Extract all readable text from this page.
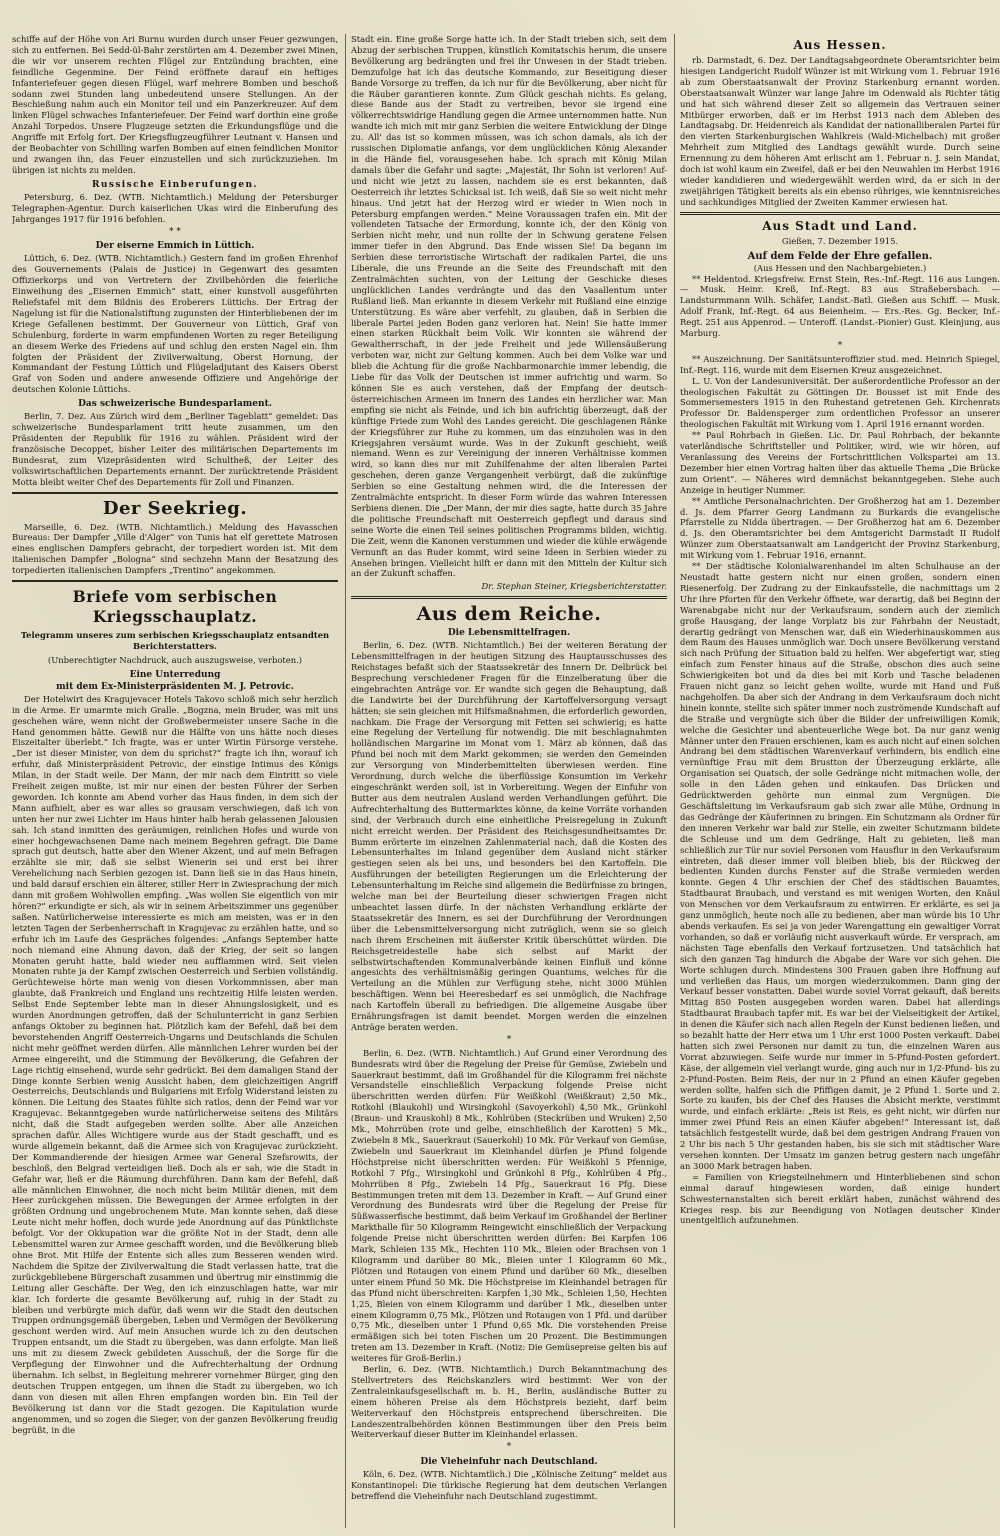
schiffe auf der Höhe von Ari Burnu wurden durch unser Feuer gezwungen, sich zu entfernen. Bei Sedd-ül-Bahr zerstörten am 4. Dezember zwei Minen, die wir vor unserem rechten Flügel zur Entzündung brachten, eine feindliche Gegenmine. Der Feind eröffnete darauf ein heftiges Infanteriefeuer gegen diesen Flügel, warf mehrere Bomben und beschoß sodann zwei Stunden lang unbedeutend unsere Stellungen. An der Beschießung nahm auch ein Monitor teil und ein Panzerkreuzer. Auf dem linken Flügel schwaches Infanteriefeuer. Der Feind warf dorthin eine große Anzahl Torpedos. Unsere Flugzeuge setzten die Erkundungsflüge und die Angriffe mit Erfolg fort. Der Kriegsflugzeugführer Leutnant v. Hansen und der Beobachter von Schilling warfen Bomben auf einen feindlichen Monitor und zwangen ihn, das Feuer einzustellen und sich zurückzuziehen. Im übrigen ist nichts zu melden.

Russische Einberufungen.

Petersburg, 6. Dez. (WTB. Nichtamtlich.) Meldung der Petersburger Telegraphen-Agentur. Durch kaiserlichen Ukas wird die Einberufung des Jahrganges 1917 für 1916 befohlen.

* *
Der eiserne Emmich in Lüttich.

Lüttich, 6. Dez. (WTB. Nichtamtlich.) Gestern fand im großen Ehrenhof des Gouvernements (Palais de Justice) in Gegenwart des gesamten Offizierkorps und von Vertretern der Zivilbehörden die feierliche Einweihung des „Eisernen Emmich“ statt, einer kunstvoll ausgeführten Reliefstafel mit dem Bildnis des Eroberers Lüttichs. Der Ertrag der Nagelung ist für die Nationalstiftung zugunsten der Hinterbliebenen der im Kriege Gefallenen bestimmt. Der Gouverneur von Lüttich, Graf von Schulenburg, forderte in warm empfundenen Worten zu reger Beteiligung an diesem Werke des Friedens auf und schlug den ersten Nagel ein. Ihm folgten der Präsident der Zivilverwaltung, Oberst Hornung, der Kommandant der Festung Lüttich und Flügeladjutant des Kaisers Oberst Graf von Soden und andere anwesende Offiziere und Angehörige der deutschen Kolonie Lüttichs.

Das schweizerische Bundesparlament.

Berlin, 7. Dez. Aus Zürich wird dem „Berliner Tageblatt“ gemeldet: Das schweizerische Bundesparlament tritt heute zusammen, um den Präsidenten der Republik für 1916 zu wählen. Präsident wird der französische Decoppet, bisher Leiter des militärischen Departements im Bundesrat, zum Vizepräsidenten wird Schultheß, der Leiter des volkswirtschaftlichen Departements ernannt. Der zurücktretende Präsident Motta bleibt weiter Chef des Departements für Zoll und Finanzen.

Der Seekrieg.

Marseille, 6. Dez. (WTB. Nichtamtlich.) Meldung des Havasschen Bureaus: Der Dampfer „Ville d'Alger“ von Tunis hat elf gerettete Matrosen eines englischen Dampfers gebracht, der torpediert worden ist. Mit dem italienischen Dampfer „Bologna“ sind sechzehn Mann der Besatzung des torpedierten italienischen Dampfers „Trentino“ angekommen.

Briefe vom serbischen Kriegsschauplatz.

Telegramm unseres zum serbischen Kriegsschauplatz entsandten Berichterstatters.

(Unberechtigter Nachdruck, auch auszugsweise, verboten.)

Eine Unterredung
mit dem Ex-Ministerpräsidenten M. J. Petrovic.

Der Hotelwirt des Kragujevacer Hotels Takovo schloß mich sehr herzlich in die Arme. Er umarmte mich Gralle. „Bogzna, mein Bruder, was mit uns geschehen wäre, wenn nicht der Großwebermeister unsere Sache in die Hand genommen hätte. Gewiß nur die Hälfte von uns hätte noch dieses Eiszeitalter überlebt.“ Ich fragte, was er unter Wirtin Fürsorge verstehe. „Der ist dieser Minister, von dem du sprichst?“ fragte ich ihn, worauf ich erfuhr, daß Ministerpräsident Petrovic, der einstige Intimus des Königs Milan, in der Stadt weile. Der Mann, der mir nach dem Eintritt so viele Freiheit zeigen mußte, ist mir nur einen der besten Führer der Serben geworden. Ich konnte am Abend vorher das Haus finden, in dem sich der Mann aufhielt, aber es war alles so grausam verschwiegen, daß ich von unten her nur zwei Lichter im Haus hinter halb herab gelassenen Jalousien sah. Ich stand inmitten des geräumigen, reinlichen Hofes und wurde von einer hochgewachsenen Dame nach meinem Begehren gefragt. Die Dame sprach gut deutsch, hatte aber den Wiener Akzent, und auf mein Befragen erzählte sie mir, daß sie selbst Wienerin sei und erst bei ihrer Verehelichung nach Serbien gezogen ist. Dann ließ sie in das Haus hinein, und bald darauf erschien ein älterer, stiller Herr in Zwiesprachung der mich dann mit großem Wohlwollen empfing. „Was wollen Sie eigentlich von mir hören?“ erkundigte er sich, als wir in seinem Arbeitszimmer uns gegenüber saßen. Natürlicherweise interessierte es mich am meisten, was er in den letzten Tagen der Serbenherrschaft in Kragujevac zu erzählen hatte, und so erfuhr ich im Laufe des Gespräches folgendes: „Anfangs September hatte noch niemand eine Ahnung davon, daß der Krieg, der seit so langen Monaten geruht hatte, bald wieder neu aufflammen wird. Seit vielen Monaten ruhte ja der Kampf zwischen Oesterreich und Serbien vollständig. Gerüchteweise hörte man wenig von diesen Vorkommnissen, aber man glaubte, daß Frankreich und England uns rechtzeitig Hilfe leisten werden. Selbst Ende September lebte man in dieser Ahnungslosigkeit, und es wurden Anordnungen getroffen, daß der Schulunterricht in ganz Serbien anfangs Oktober zu beginnen hat. Plötzlich kam der Befehl, daß bei dem bevorstehenden Angriff Oesterreich-Ungarns und Deutschlands die Schulen nicht mehr geöffnet werden dürfen. Alle männlichen Lehrer wurden bei der Armee eingereiht, und die Stimmung der Bevölkerung, die Gefahren der Lage richtig einsehend, wurde sehr gedrückt. Bei dem damaligen Stand der Dinge konnte Serbien wenig Aussicht haben, dem gleichzeitigen Angriff Oesterreichs, Deutschlands und Bulgariens mit Erfolg Widerstand leisten zu können. Die Leitung des Staates fühlte sich ratlos, denn der Feind war vor Kragujevac. Bekanntgegeben wurde natürlicherweise seitens des Militärs nicht, daß die Stadt aufgegeben werden sollte. Aber alle Anzeichen sprachen dafür. Alles Wichtigere wurde aus der Stadt geschafft, und es wurde allgemein bekannt, daß die Armee sich von Kragujevac zurückzieht. Der Kommandierende der hiesigen Armee war General Szefsrowits, der beschloß, den Belgrad verteidigen ließ. Doch als er sah, wie die Stadt in Gefahr war, ließ er die Räumung durchführen. Dann kam der Befehl, daß alle männlichen Einwohner, die noch nicht beim Militär dienen, mit dem Heer zurückgehen müssen. Die Bewegungen der Armee erfolgten in der größten Ordnung und ungebrochenem Mute. Man konnte sehen, daß diese Leute nicht mehr hoffen, doch wurde jede Anordnung auf das Pünktlichste befolgt. Vor der Okkupation war die größte Not in der Stadt, denn alle Lebensmittel waren zur Armee geschafft worden, und die Bevölkerung blieb ohne Brot. Mit Hilfe der Entente sich alles zum Besseren wenden wird. Nachdem die Spitze der Zivilverwaltung die Stadt verlassen hatte, trat die zurückgebliebene Bürgerschaft zusammen und übertrug mir einstimmig die Leitung aller Geschäfte. Der Weg, den ich einzuschlagen hatte, war mir klar. Ich forderte die gesamte Bevölkerung auf, ruhig in der Stadt zu bleiben und verbürgte mich dafür, daß wenn wir die Stadt den deutschen Truppen ordnungsgemäß übergeben, Leben und Vermögen der Bevölkerung geschont werden wird. Auf mein Ansuchen wurde ich zu den deutschen Truppen entsandt, um die Stadt zu übergeben, was dann erfolgte. Man ließ uns mit zu diesem Zweck gebildeten Ausschuß, der die Sorge für die Verpflegung der Einwohner und die Aufrechterhaltung der Ordnung übernahm. Ich selbst, in Begleitung mehrerer vornehmer Bürger, ging den deutschen Truppen entgegen, um ihnen die Stadt zu übergeben, wo ich dann von diesen mit allen Ehren empfangen worden bin. Ein Teil der Bevölkerung ist dann vor die Stadt gezogen. Die Kapitulation wurde angenommen, und so zogen die Sieger, von der ganzen Bevölkerung freudig begrüßt, in die

Stadt ein. Eine große Sorge hatte ich. In der Stadt trieben sich, seit dem Abzug der serbischen Truppen, künstlich Komitatschis herum, die unsere Bevölkerung arg bedrängten und frei ihr Unwesen in der Stadt trieben. Demzufolge hat ich das deutsche Kommando, zur Beseitigung dieser Bande Vorsorge zu treffen, da ich nur für die Bevölkerung, aber nicht für die Räuber garantieren konnte. Zum Glück geschah nichts. Es gelang, diese Bande aus der Stadt zu vertreiben, bevor sie irgend eine völkerrechtswidrige Handlung gegen die Armee unternommen hatte. Nun wandte ich mich mit mir ganz Serbien die weitere Entwicklung der Dinge zu. All' das ist so kommen müssen, was ich schon damals, als ich der russischen Diplomatie anfangs, vor dem unglücklichen König Alexander in die Hände fiel, vorausgesehen habe. Ich sprach mit König Milan damals über die Gefahr und sagte: „Majestät, Ihr Sohn ist verloren! Auf- und nicht wie jetzt zu lassen, nachdem sie es erst bekannten, daß Oesterreich ihr letztes Schicksal ist. Ich weiß, daß Sie so weit nicht mehr hinaus. Und jetzt hat der Herzog wird er wieder in Wien noch in Petersburg empfangen werden.“ Meine Voraussagen trafen ein. Mit der vollendeten Tatsache der Ermordung, konnte ich, der den König von Serbien nicht mehr, und nun rollte der in Schwung geratene Felsen immer tiefer in den Abgrund. Das Ende wissen Sie! Da begann im Serbien diese terroristische Wirtschaft der radikalen Partei, die uns Liberale, die uns Freunde an die Seite des Freundschaft mit den Zentralmächten suchten, von der Leitung der Geschicke dieses unglücklichen Landes verdrängte und das den Vasallentum unter Rußland ließ. Man erkannte in diesem Verkehr mit Rußland eine einzige Unterstützung. Es wäre aber verfehlt, zu glauben, daß in Serbien die liberale Partei jeden Boden ganz verloren hat. Nein! Sie hatte immer einen starken Rückhalt beim Volk. Wir konnten sie während der Gewaltherrschaft, in der jede Freiheit und jede Willensäußerung verboten war, nicht zur Geltung kommen. Auch bei dem Volke war und blieb die Achtung für die große Nachbarmonarchie immer lebendig, die Liebe für das Volk der Deutschen ist immer aufrichtig und warm. So können Sie es auch verstehen, daß der Empfang der deutsch-österreichischen Armeen im Innern des Landes ein herzlicher war. Man empfing sie nicht als Feinde, und ich bin aufrichtig überzeugt, daß der künftige Friede zum Wohl des Landes gereicht. Die geschlagenen Ränke der Kriegsführer zur Ruhe zu kommen, um das einzuholen was in den Kriegsjahren versäumt wurde. Was in der Zukunft geschieht, weiß niemand. Wenn es zur Vereinigung der inneren Verhältnisse kommen wird, so kann dies nur mit Zuhilfenahme der alten liberalen Partei geschehen, deren ganze Vergangenheit verbürgt, daß die zukünftige Serbien so eine Gestaltung nehmen wird, die die Interessen der Zentralmächte entspricht. In dieser Form würde das wahren Interessen Serbiens dienen. Die „Der Mann, der mir dies sagte, hatte durch 35 Jahre die politische Freundschaft mit Oesterreich gepflegt und daraus sind seine Worte die einen Teil seines politischen Programms bilden, wichtig. Die Zeit, wenn die Kanonen verstummen und wieder die kühle erwägende Vernunft an das Ruder kommt, wird seine Ideen in Serbien wieder zu Ansehen bringen. Vielleicht hilft er dann mit den Mitteln der Kultur sich an der Zukunft schaffen.

Dr. Stephan Steiner, Kriegsberichterstatter.
Aus dem Reiche.
Die Lebensmittelfragen.

Berlin, 6. Dez. (WTB. Nichtamtlich.) Bei der weiteren Beratung der Lebensmittelfragen in der heutigen Sitzung des Hauptausschusses des Reichstages befaßt sich der Staatssekretär des Innern Dr. Delbrück bei Besprechung verschiedener Fragen für die Einzelberatung über die eingebrachten Anträge vor. Er wandte sich gegen die Behauptung, daß die Landwirte bei der Durchführung der Kartoffelversorgung versagt hätten; sie sein gleichen mit Hilfsmaßnahmen, die erforderlich geworden, nachkam. Die Frage der Versorgung mit Fetten sei schwierig; es hatte eine Regelung der Verteilung für notwendig. Die mit beschlagnahmten holländischen Margarine im Monat vom 1. März ab können, daß das Pfund bei noch mit dem Markt gekommen; sie werden den Gemeinden zur Versorgung von Minderbemittelten überwiesen werden. Eine Verordnung, durch welche die überflüssige Konsumtion im Verkehr eingeschränkt werden soll, ist in Vorbereitung. Wegen der Einfuhr von Butter aus dem neutralen Ausland werden Verhandlungen geführt. Die Aufrechterhaltung des Buttermarktes könne, da keine Vorräte vorhanden sind, der Verbrauch durch eine einheitliche Preisregelung in Zukunft nicht erreicht werden. Der Präsident des Reichsgesundheitsamtes Dr. Bumm erörterte im einzelnen Zahlenmaterial nach, daß die Kosten des Lebensunterhaltes im Inland gegenüber dem Ausland nicht stärker gestiegen seien als bei uns, und besonders bei den Kartoffeln. Die Ausführungen der beteiligten Regierungen um die Erleichterung der Lebensunterhaltung im Reiche sind allgemein die Bedürfnisse zu bringen, welche man bei der Beurteilung dieser schwierigen Fragen nicht unbeachtet lassen dürfe. In der nächsten Verhandlung erklärte der Staatssekretär des Innern, es sei der Durchführung der Verordnungen über die Lebensmittelversorgung nicht zuträglich, wenn sie so gleich nach ihrem Erscheinen mit äußerster Kritik überschüttet würden. Die Reichsgetreidestelle habe sich selbst auf Markt der selbstwirtschaftenden Kommunalverbände keinen Einfluß und könne angesichts des verhältnismäßig geringen Quantums, welches für die Verteilung an die Mühlen zur Verfügung stehe, nicht 3000 Mühlen beschäftigen. Wenn bei Heeresbedarf es sei unmöglich, die Nachfrage nach Kartoffeln überall zu befriedigen. Die allgemeine Ausgabe über Ernährungsfragen ist damit beendet. Morgen werden die einzelnen Anträge beraten werden.

*

Berlin, 6. Dez. (WTB. Nichtamtlich.) Auf Grund einer Verordnung des Bundesrats wird über die Regelung der Preise für Gemüse, Zwiebeln und Sauerkraut bestimmt, daß im Großhandel für die Kilogramm frei nächste Versandstelle einschließlich Verpackung folgende Preise nicht überschritten werden dürfen: Für Weißkohl (Weißkraut) 2,50 Mk., Rotkohl (Blaukohl) und Wirsingkohl (Savoyerkohl) 4,50 Mk., Grünkohl (Braun- und Krauskohl) 8 Mk., Kohlrüben (Steckrüben und Wruken) 2,50 Mk., Mohrrüben (rote und gelbe, einschließlich der Karotten) 5 Mk., Zwiebeln 8 Mk., Sauerkraut (Sauerkohl) 10 Mk. Für Verkauf von Gemüse, Zwiebeln und Sauerkraut im Kleinhandel dürfen je Pfund folgende Höchstpreise nicht überschritten werden: Für Weißkohl 5 Pfennige, Rotkohl 7 Pfg., Wirsingkohl und Grünkohl 8 Pfg., Kohlrüben 4 Pfg., Mohrrüben 8 Pfg., Zwiebeln 14 Pfg., Sauerkraut 16 Pfg. Diese Bestimmungen treten mit dem 13. Dezember in Kraft. — Auf Grund einer Verordnung des Bundesrats wird über die Regelung der Preise für Süßwasserfische bestimmt, daß beim Verkauf im Großhandel der Berliner Markthalle für 50 Kilogramm Reingewicht einschließlich der Verpackung folgende Preise nicht überschritten werden dürfen: Bei Karpfen 106 Mark, Schleien 135 Mk., Hechten 110 Mk., Bleien oder Brachsen von 1 Kilogramm und darüber 80 Mk., Bleien unter 1 Kilogramm 60 Mk., Plötzen und Rotaugen von einem Pfund und darüber 60 Mk., dieselben unter einem Pfund 50 Mk. Die Höchstpreise im Kleinhandel betragen für das Pfund nicht überschreiten: Karpfen 1,30 Mk., Schleien 1,50, Hechten 1,25, Bleien von einem Kilogramm und darüber 1 Mk., dieselben unter einem Kilogramm 0,75 Mk., Plötzen und Rotaugen von 1 Pfd. und darüber 0,75 Mk., dieselben unter 1 Pfund 0,65 Mk. Die vorstehenden Preise ermäßigen sich bei toten Fischen um 20 Prozent. Die Bestimmungen treten am 13. Dezember in Kraft. (Notiz: Die Gemüsepreise gelten bis auf weiteres für Groß-Berlin.)

Berlin, 6. Dez. (WTB. Nichtamtlich.) Durch Bekanntmachung des Stellvertreters des Reichskanzlers wird bestimmt: Wer von der Zentraleinkaufsgesellschaft m. b. H., Berlin, ausländische Butter zu einem höheren Preise als dem Höchstpreis bezieht, darf beim Weiterverkauf den Höchstpreis entsprechend überschreiten. Die Landeszentralbehörden können Bestimmungen über den Preis beim Weiterverkauf dieser Butter im Kleinhandel erlassen.

*
Die Vieheinfuhr nach Deutschland.

Köln, 6. Dez. (WTB. Nichtamtlich.) Die „Kölnische Zeitung“ meldet aus Konstantinopel: Die türkische Regierung hat dem deutschen Verlangen betreffend die Vieheinfuhr nach Deutschland zugestimmt.

Aus Hessen.

rb. Darmstadt, 6. Dez. Der Landtagsabgeordnete Oberamtsrichter beim hiesigen Landgericht Rudolf Wünzer ist mit Wirkung vom 1. Februar 1916 ab zum Oberstaatsanwalt der Provinz Starkenburg ernannt worden. Oberstaatsanwalt Wünzer war lange Jahre im Odenwald als Richter tätig und hat sich während dieser Zeit so allgemein das Vertrauen seiner Mitbürger erworben, daß er im Herbst 1913 nach dem Ableben des Landtagsabg. Dr. Heidenreich als Kandidat der nationalliberalen Partei für den vierten Starkenburgischen Wahlkreis (Wald-Michelbach) mit großer Mehrheit zum Mitglied des Landtags gewählt wurde. Durch seine Ernennung zu dem höheren Amt erlischt am 1. Februar n. J. sein Mandat, doch ist wohl kaum ein Zweifel, daß er bei den Neuwahlen im Herbst 1916 wieder kandidieren und wiedergewählt werden wird, da er sich in der zweijährigen Tätigkeit bereits als ein ebenso rühriges, wie kenntnisreiches und sachkundiges Mitglied der Zweiten Kammer erwiesen hat.

Aus Stadt und Land.

Gießen, 7. Dezember 1915.

Auf dem Felde der Ehre gefallen.

(Aus Hessen und den Nachbargebieten.)

** Heldentod. Kriegsfreiw. Ernst Stein, Res.-Inf.-Regt. 116 aus Lungen. — Musk. Heinr. Kreß, Inf.-Regt. 83 aus Straßebersbach. — Landsturmmann Wilh. Schäfer, Landst.-Batl. Gießen aus Schiff. — Musk. Adolf Frank, Inf.-Regt. 64 aus Beienheim. — Ers.-Res. Gg. Becker, Inf.-Regt. 251 aus Appenrod. — Unteroff. (Landst.-Pionier) Gust. Kleinjung, aus Marburg.

*

** Auszeichnung. Der Sanitätsunteroffizier stud. med. Heinrich Spiegel, Inf.-Regt. 116, wurde mit dem Eisernen Kreuz ausgezeichnet.

L. U. Von der Landesuniversität. Der außerordentliche Professor an der theologischen Fakultät zu Göttingen Dr. Bousset ist mit Ende des Sommersemesters 1915 in den Ruhestand getretenen Geh. Kirchenrats Professor Dr. Baldensperger zum ordentlichen Professor an unserer theologischen Fakultät mit Wirkung vom 1. April 1916 ernannt worden.

** Paul Rohrbach in Gießen. Lic. Dr. Paul Rohrbach, der bekannte vaterländische Schriftsteller und Politiker, wird, wie wir hören, auf Veranlassung des Vereins der Fortschrittlichen Volkspartei am 13. Dezember hier einen Vortrag halten über das aktuelle Thema „Die Brücke zum Orient“. — Näheres wird demnächst bekanntgegeben. Siehe auch Anzeige in heutiger Nummer.

** Amtliche Personalnachrichten. Der Großherzog hat am 1. Dezember d. Js. dem Pfarrer Georg Landmann zu Burkards die evangelische Pfarrstelle zu Nidda übertragen. — Der Großherzog hat am 6. Dezember d. Js. den Oberamtsrichter bei dem Amtsgericht Darmstadt II Rudolf Wünzer zum Oberstaatsanwalt am Landgericht der Provinz Starkenburg, mit Wirkung vom 1. Februar 1916, ernannt.

** Der städtische Kolonialwarenhandel im alten Schulhause an der Neustadt hatte gestern nicht nur einen großen, sondern einen Riesenerfolg. Der Zudrang zu der Einkaufsstelle, die nachmittags um 2 Uhr ihre Pforten für den Verkehr öffnete, war derartig, daß bei Beginn der Warenabgabe nicht nur der Verkaufsraum, sondern auch der ziemlich große Hausgang, der lange Vorplatz bis zur Fahrbahn der Neustadt, derartig gedrängt von Menschen war, daß ein Wiederhinauskommen aus dem Raum des Hauses unmöglich war. Doch unsere Bevölkerung verstand sich nach Prüfung der Situation bald zu helfen. Wer abgefertigt war, stieg einfach zum Fenster hinaus auf die Straße, obschon dies auch seine Schwierigkeiten bot und da dies bei mit Korb und Tasche beladenen Frauen nicht ganz so leicht gehen wollte, wurde mit Hand und Fuß nachgeholfen. Da aber sich der Andrang in dem Verkaufsraum doch nicht hinein konnte, stellte sich später immer noch zuströmende Kundschaft auf die Straße und vergnügte sich über die Bilder der unfreiwilligen Komik, welche die Gesichter und abenteuerliche Wege bot. Da nur ganz wenig Männer unter den Frauen erschienen, kam es auch nicht auf einen solchen Andrang bei dem städtischen Warenverkauf verhindern, bis endlich eine vernünftige Frau mit dem Brustton der Überzeugung erklärte, alle Organisation sei Quatsch, der solle Gedränge nicht mitmachen wolle, der solle in den Läden gehen und einkaufen. Das Drücken und Gedrücktwerden gehörte nun einmal zum Vergnügen. Die Geschäftsleitung im Verkaufsraum gab sich zwar alle Mühe, Ordnung in das Gedränge der Käuferinnen zu bringen. Ein Schutzmann als Ordner für den inneren Verkehr war bald zur Stelle, ein zweiter Schutzmann bildete die Schleuse und um dem Gedränge, Halt zu gebieten, ließ man schließlich zur Tür nur soviel Personen vom Hausflur in den Verkaufsraum eintreten, daß dieser immer voll bleiben blieb, bis der Rückweg der bedienten Kunden durchs Fenster auf die Straße vermieden werden konnte. Gegen 4 Uhr erschien der Chef des städtischen Bauamtes, Stadtbaurat Braubach, und verstand es mit wenigen Worten, den Knäul von Menschen vor dem Verkaufsraum zu entwirren. Er erklärte, es sei ja ganz unmöglich, heute noch alle zu bedienen, aber man würde bis 10 Uhr abends verkaufen. Es sei ja von jeder Warengattung ein gewaltiger Vorrat vorhanden, so daß er vorläufig nicht ausverkauft würde. Er versprach, am nächsten Tage ebenfalls den Verkauf fortzusetzen. Und tatsächlich hat sich den ganzen Tag hindurch die Abgabe der Ware vor sich gehen. Die Worte schlugen durch. Mindestens 300 Frauen gaben ihre Hoffnung auf und verließen das Haus, um morgen wiederzukommen. Dann ging der Verkauf besser vonstatten. Dabei wurde soviel Vorrat gekauft, daß bereits Mittag 850 Posten ausgegeben worden waren. Dabei hat allerdings Stadtbaurat Braubach tapfer mit. Es war bei der Vielseitigkeit der Artikel, in denen die Käufer sich nach allen Regeln der Kunst bedienen ließen, und so bezahlt hatte der Herr etwa um 1 Uhr erst 1000 Posten verkauft. Dabei hatten sich zwei Personen nur damit zu tun, die einzelnen Waren aus Vorrat abzuwiegen. Seife wurde nur immer in 5-Pfund-Posten gefordert. Käse, der allgemein viel verlangt wurde, ging auch nur in 1/2-Pfund- bis zu 2-Pfund-Posten. Beim Reis, der nur in 2 Pfund an einen Käufer gegeben werden sollte, halfen sich die Pfiffigen damit, je 2 Pfund 1. Sorte und 2. Sorte zu kaufen, bis der Chef des Hauses die Absicht merkte, verstimmt wurde, und einfach erklärte: „Reis ist Reis, es geht nicht, wir dürfen nur immer zwei Pfund Reis an einen Käufer abgeben!“ Interessant ist, daß tatsächlich festgestellt wurde, daß bei dem gestrigen Andrang Frauen von 2 Uhr bis nach 5 Uhr gestanden haben, bis sie sich mit städtischer Ware versehen konnten. Der Umsatz im ganzen betrug gestern nach ungefähr an 3000 Mark betragen haben.

= Familien von Kriegsteilnehmern und Hinterbliebenen sind schon einmal darauf hingewiesen worden, daß einige hundert Schwesternanstalten sich bereit erklärt haben, zunächst während des Krieges resp. bis zur Beendigung von Notlagen deutscher Kinder unentgeltlich aufzunehmen.
